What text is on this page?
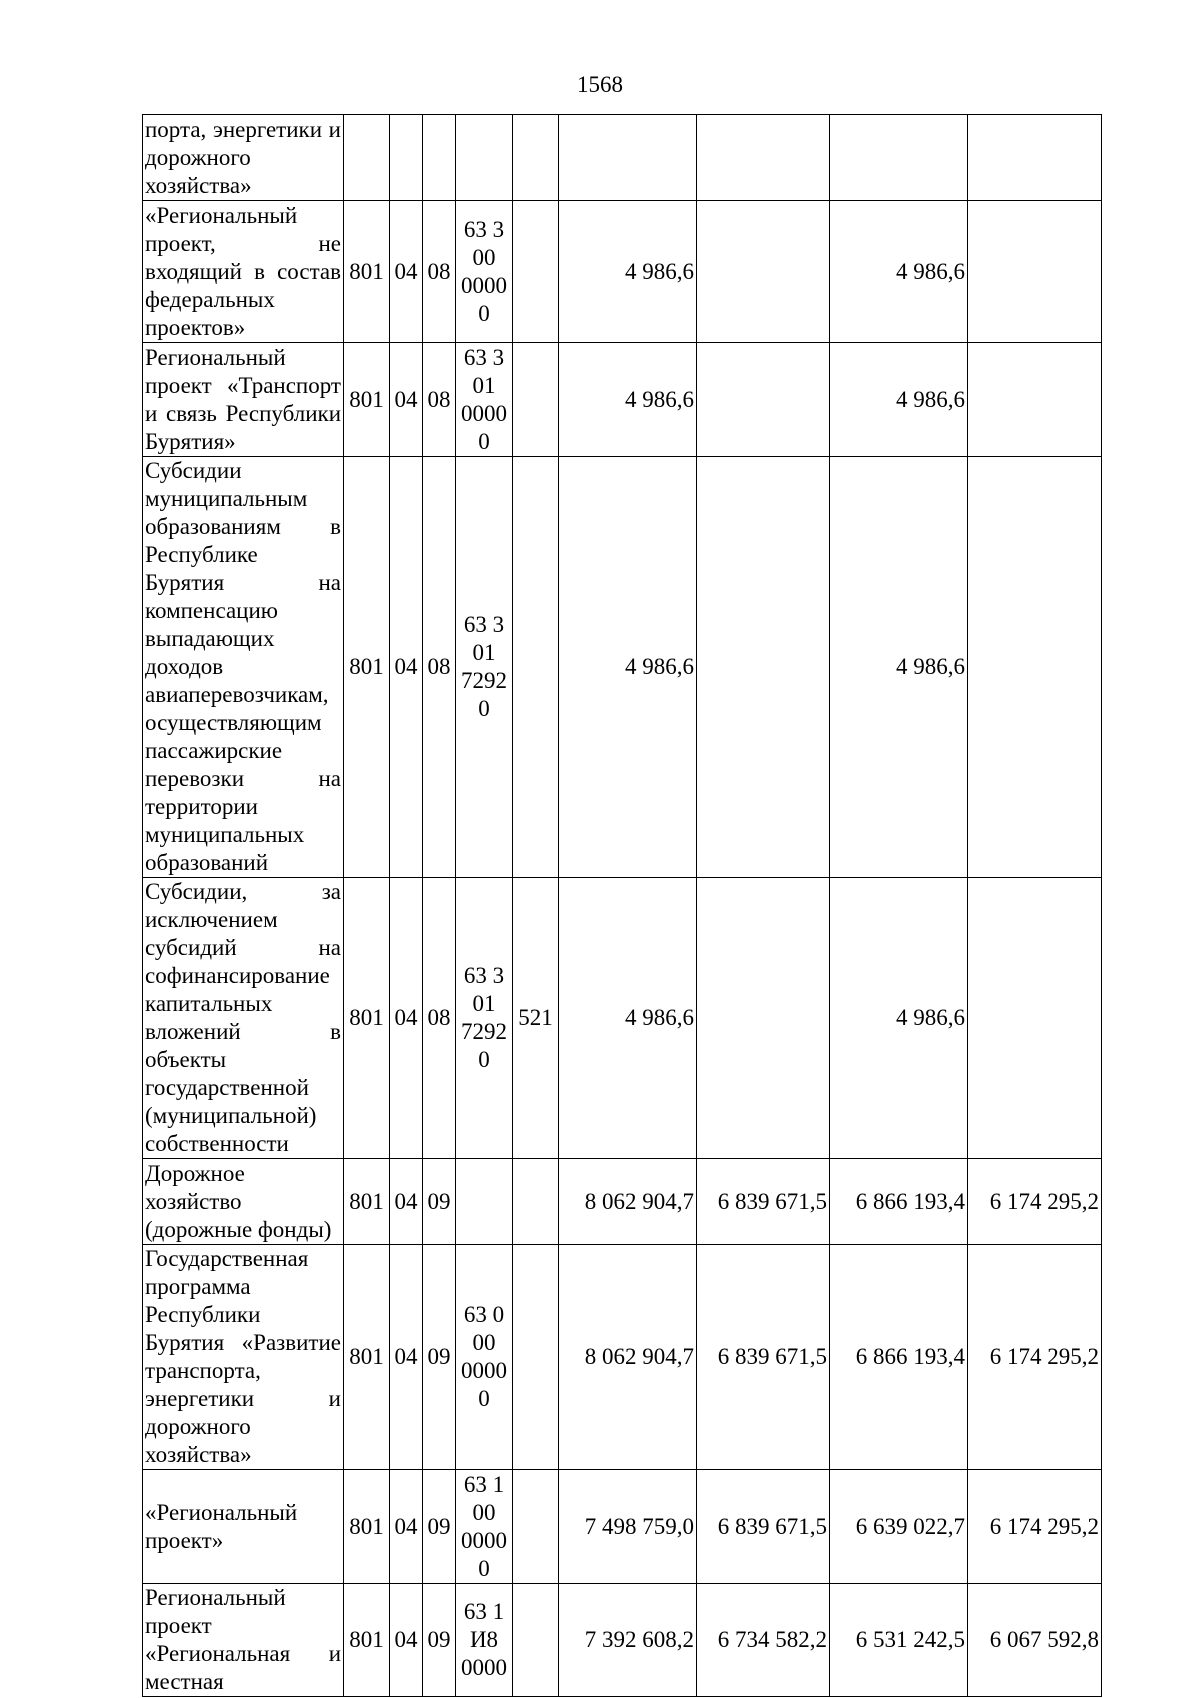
1568
порта, энергетики и дорожного хозяйства»									
«Региональный проект, не входящий в состав федеральных проектов»	801	04	08	63 3 00 0000 0		4 986,6		4 986,6	
Региональный проект «Транспорт и связь Республики Бурятия»	801	04	08	63 3 01 0000 0		4 986,6		4 986,6	
Субсидии муниципальным образованиям в Республике Бурятия на компенсацию выпадающих доходов авиаперевозчикам, осуществляющим пассажирские перевозки на территории муниципальных образований	801	04	08	63 3 01 7292 0		4 986,6		4 986,6	
Субсидии, за исключением субсидий на софинансирование капитальных вложений в объекты государственной (муниципальной) собственности	801	04	08	63 3 01 7292 0	521	4 986,6		4 986,6	
Дорожное хозяйство (дорожные фонды)	801	04	09			8 062 904,7	6 839 671,5	6 866 193,4	6 174 295,2
Государственная программа Республики Бурятия «Развитие транспорта, энергетики и дорожного хозяйства»	801	04	09	63 0 00 0000 0		8 062 904,7	6 839 671,5	6 866 193,4	6 174 295,2
«Региональный проект»	801	04	09	63 1 00 0000 0		7 498 759,0	6 839 671,5	6 639 022,7	6 174 295,2
Региональный проект «Региональная и местная	801	04	09	63 1 И8 0000		7 392 608,2	6 734 582,2	6 531 242,5	6 067 592,8
